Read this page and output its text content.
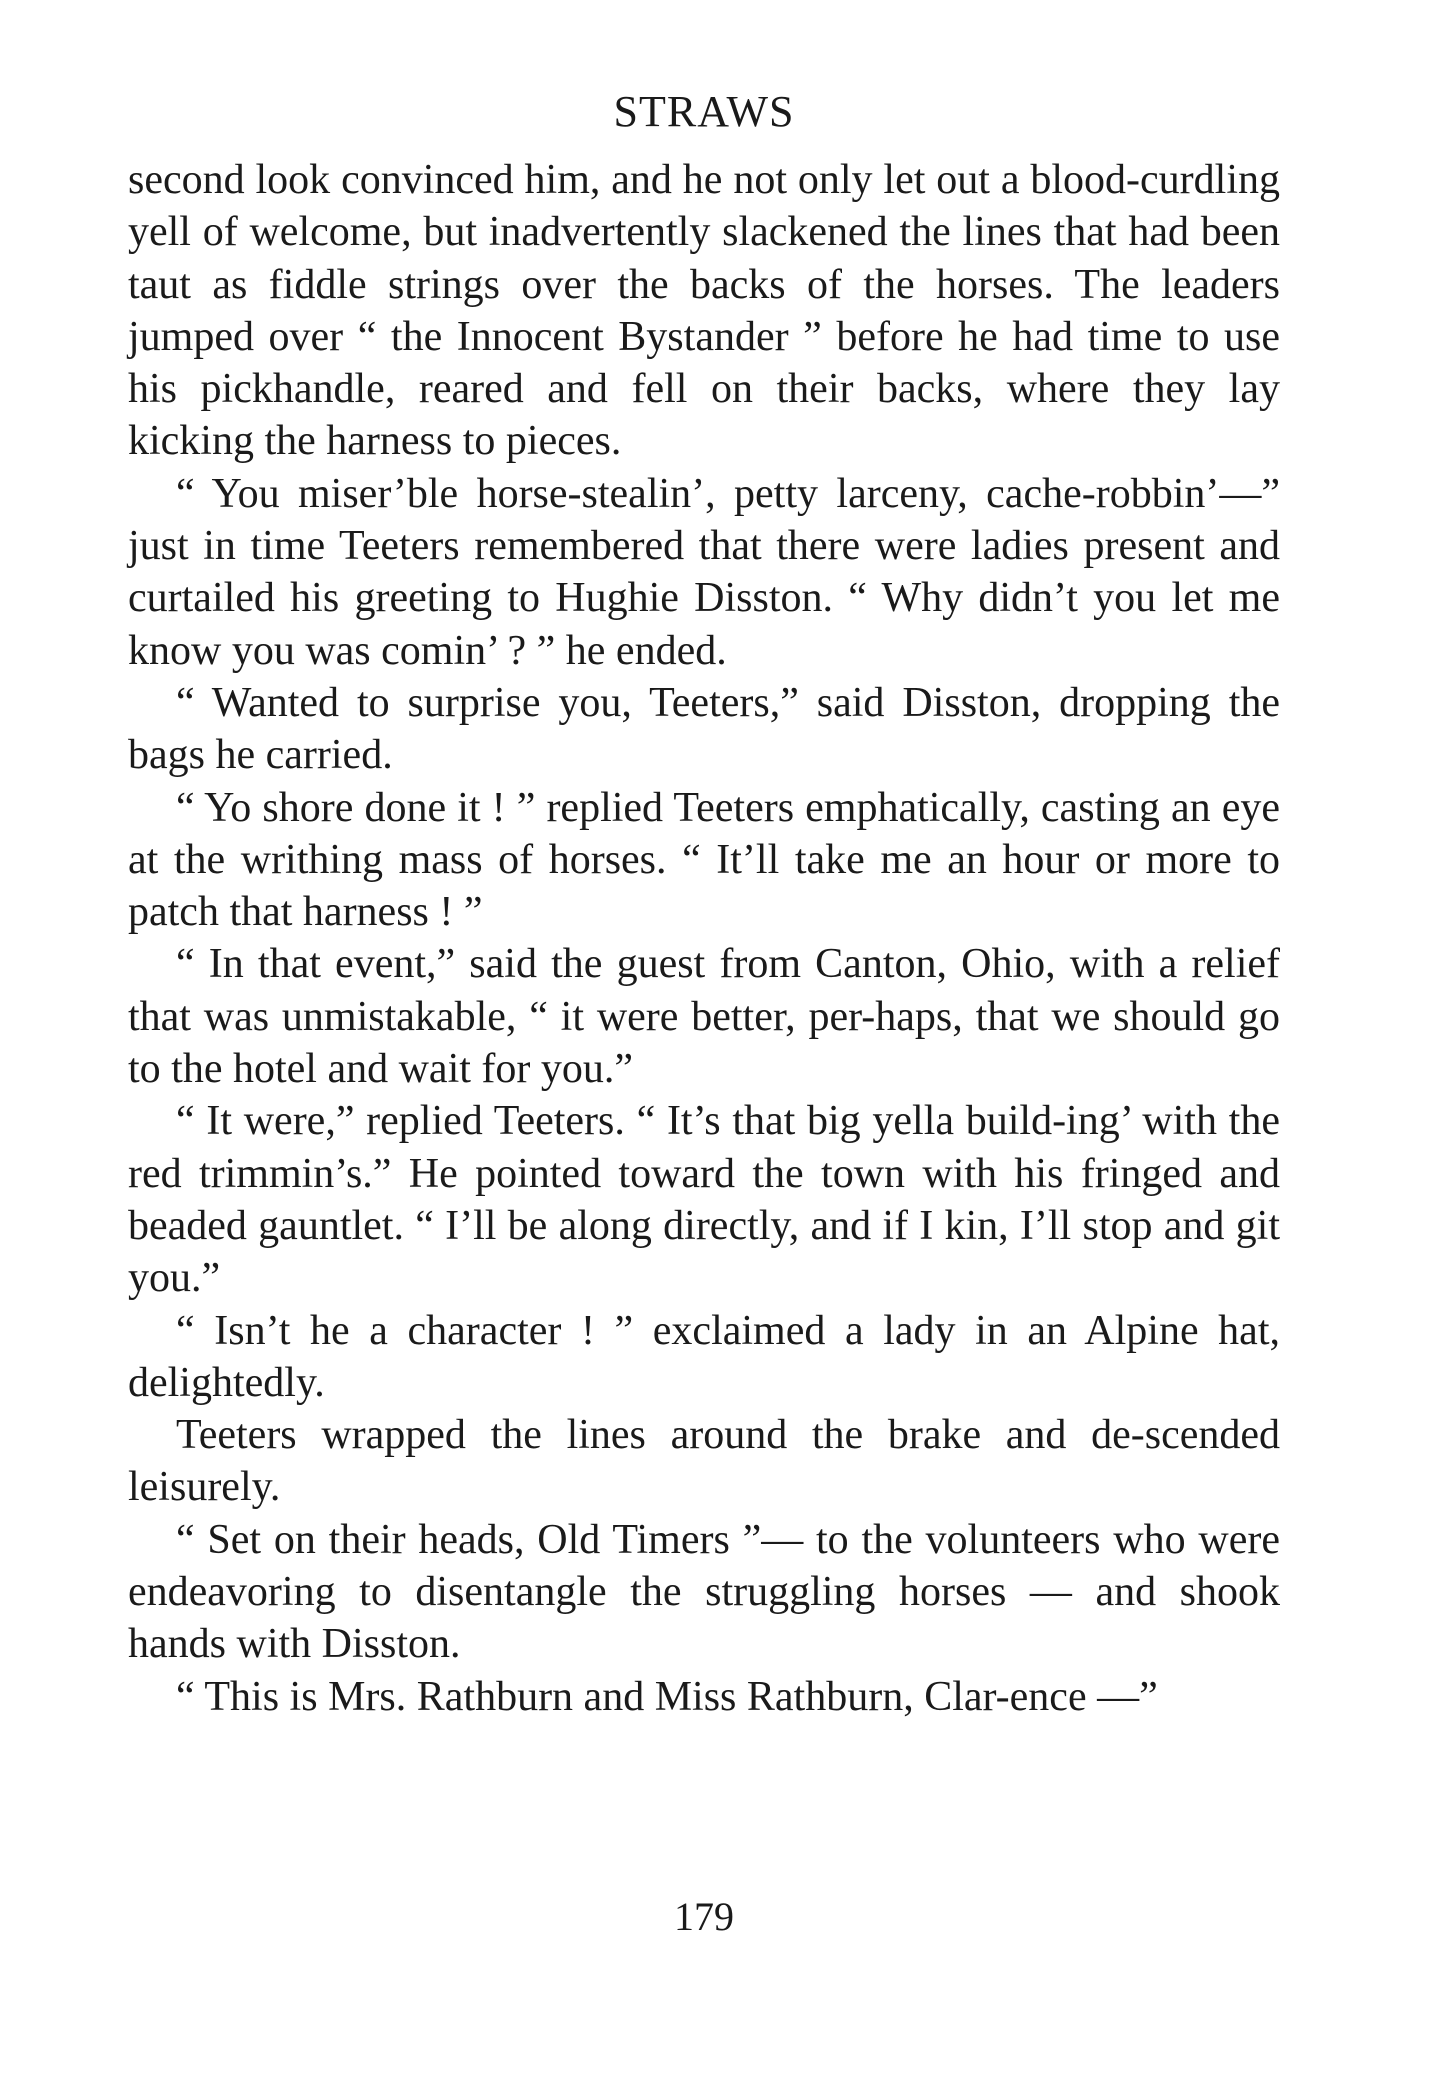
STRAWS

second look convinced him, and he not only let out a blood-curdling yell of welcome, but inadvertently slackened the lines that had been taut as fiddle strings over the backs of the horses. The leaders jumped over “ the Innocent Bystander ” before he had time to use his pickhandle, reared and fell on their backs, where they lay kicking the harness to pieces.

“ You miser’ble horse-stealin’, petty larceny, cache-robbin’—” just in time Teeters remembered that there were ladies present and curtailed his greeting to Hughie Disston. “ Why didn’t you let me know you was comin’ ? ” he ended.

“ Wanted to surprise you, Teeters,” said Disston, dropping the bags he carried.

“ Yo shore done it ! ” replied Teeters emphatically, casting an eye at the writhing mass of horses. “ It’ll take me an hour or more to patch that harness ! ”

“ In that event,” said the guest from Canton, Ohio, with a relief that was unmistakable, “ it were better, per-haps, that we should go to the hotel and wait for you.”

“ It were,” replied Teeters. “ It’s that big yella build-ing’ with the red trimmin’s.” He pointed toward the town with his fringed and beaded gauntlet. “ I’ll be along directly, and if I kin, I’ll stop and git you.”

“ Isn’t he a character ! ” exclaimed a lady in an Alpine hat, delightedly.

Teeters wrapped the lines around the brake and de-scended leisurely.

“ Set on their heads, Old Timers ”— to the volunteers who were endeavoring to disentangle the struggling horses — and shook hands with Disston.

“ This is Mrs. Rathburn and Miss Rathburn, Clar-ence —”

179
